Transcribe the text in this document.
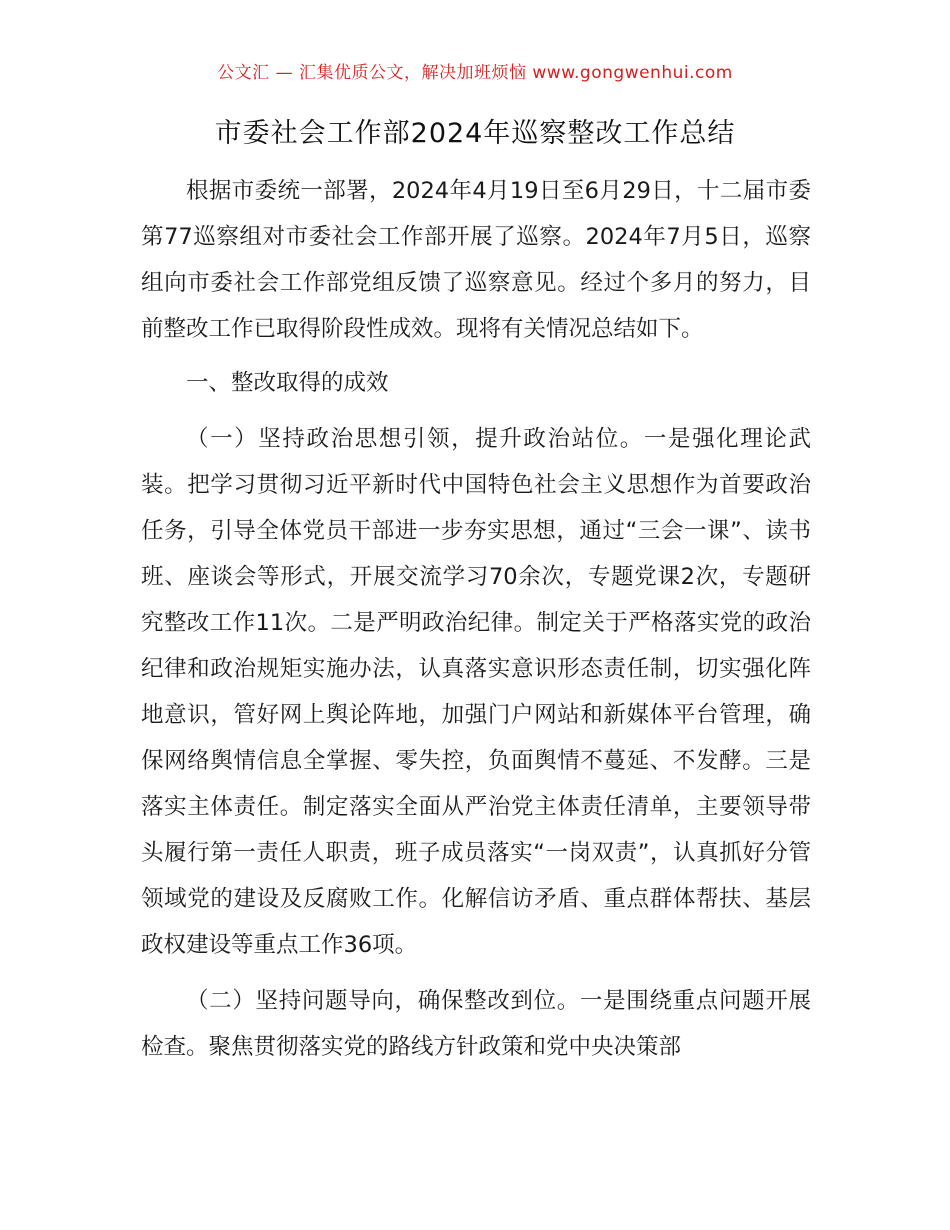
公文汇 — 汇集优质公文，解决加班烦恼 www.gongwenhui.com
市委社会工作部2024年巡察整改工作总结

根据市委统一部署，2024年4月19日至6月29日，十二届市委第77巡察组对市委社会工作部开展了巡察。2024年7月5日，巡察组向市委社会工作部党组反馈了巡察意见。经过个多月的努力，目前整改工作已取得阶段性成效。现将有关情况总结如下。

一、整改取得的成效

（一）坚持政治思想引领，提升政治站位。一是强化理论武装。把学习贯彻习近平新时代中国特色社会主义思想作为首要政治任务，引导全体党员干部进一步夯实思想，通过“三会一课”、读书班、座谈会等形式，开展交流学习70余次，专题党课2次，专题研究整改工作11次。二是严明政治纪律。制定关于严格落实党的政治纪律和政治规矩实施办法，认真落实意识形态责任制，切实强化阵地意识，管好网上舆论阵地，加强门户网站和新媒体平台管理，确保网络舆情信息全掌握、零失控，负面舆情不蔓延、不发酵。三是落实主体责任。制定落实全面从严治党主体责任清单，主要领导带头履行第一责任人职责，班子成员落实“一岗双责”，认真抓好分管领域党的建设及反腐败工作。化解信访矛盾、重点群体帮扶、基层政权建设等重点工作36项。

（二）坚持问题导向，确保整改到位。一是围绕重点问题开展检查。聚焦贯彻落实党的路线方针政策和党中央决策部
